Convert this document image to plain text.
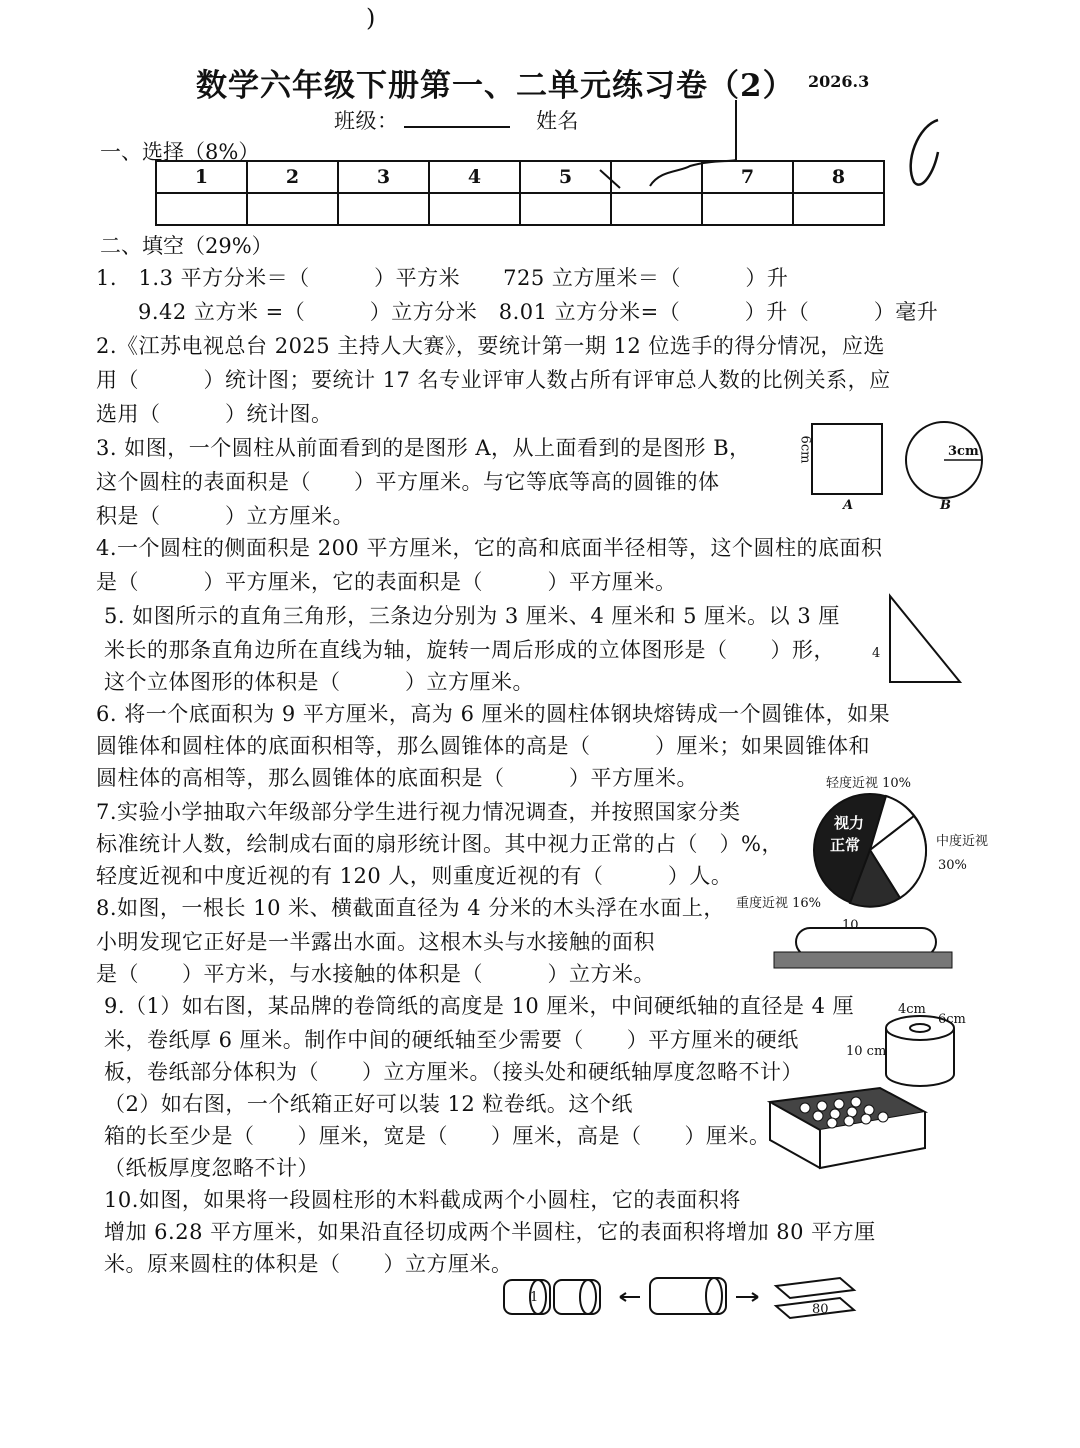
)
数学六年级下册第一、二单元练习卷（2） 2026.3
班级：	姓名
一、选择（8%）
1	2	3	4	5		7	8

二、填空（29%）
1.　1.3 平方分米＝（　　　）平方米　　725 立方厘米＝（　　　）升
9.42 立方米 =（　　　）立方分米　8.01 立方分米=（　　　）升（　　　）毫升
2.《江苏电视总台 2025 主持人大赛》，要统计第一期 12 位选手的得分情况，应选
用（　　　）统计图；要统计 17 名专业评审人数占所有评审总人数的比例关系，应
选用（　　　）统计图。
3. 如图，一个圆柱从前面看到的是图形 A，从上面看到的是图形 B，
这个圆柱的表面积是（　　）平方厘米。与它等底等高的圆锥的体
积是（　　　）立方厘米。
4.一个圆柱的侧面积是 200 平方厘米，它的高和底面半径相等，这个圆柱的底面积
是（　　　）平方厘米，它的表面积是（　　　）平方厘米。
5. 如图所示的直角三角形，三条边分别为 3 厘米、4 厘米和 5 厘米。以 3 厘
米长的那条直角边所在直线为轴，旋转一周后形成的立体图形是（　　）形，
这个立体图形的体积是（　　　）立方厘米。
6. 将一个底面积为 9 平方厘米，高为 6 厘米的圆柱体钢块熔铸成一个圆锥体，如果
圆锥体和圆柱体的底面积相等，那么圆锥体的高是（　　　）厘米；如果圆锥体和
圆柱体的高相等，那么圆锥体的底面积是（　　　）平方厘米。
7.实验小学抽取六年级部分学生进行视力情况调查，并按照国家分类
标准统计人数，绘制成右面的扇形统计图。其中视力正常的占（　）%，
轻度近视和中度近视的有 120 人，则重度近视的有（　　　）人。
8.如图，一根长 10 米、横截面直径为 4 分米的木头浮在水面上，
小明发现它正好是一半露出水面。这根木头与水接触的面积
是（　　）平方米，与水接触的体积是（　　　）立方米。
9.（1）如右图，某品牌的卷筒纸的高度是 10 厘米，中间硬纸轴的直径是 4 厘
米，卷纸厚 6 厘米。制作中间的硬纸轴至少需要（　　）平方厘米的硬纸
板，卷纸部分体积为（　　）立方厘米。（接头处和硬纸轴厚度忽略不计）
（2）如右图，一个纸箱正好可以装 12 粒卷纸。这个纸
箱的长至少是（　　）厘米，宽是（　　）厘米，高是（　　）厘米。
（纸板厚度忽略不计）
10.如图，如果将一段圆柱形的木料截成两个小圆柱，它的表面积将
增加 6.28 平方厘米，如果沿直径切成两个半圆柱，它的表面积将增加 80 平方厘
米。原来圆柱的体积是（　　）立方厘米。
6cm	3cm
A	B
4
视力
正常
轻度近视 10%
中度近视
30%
重度近视 16%
10
4cm
6cm
10 cm
1
80
